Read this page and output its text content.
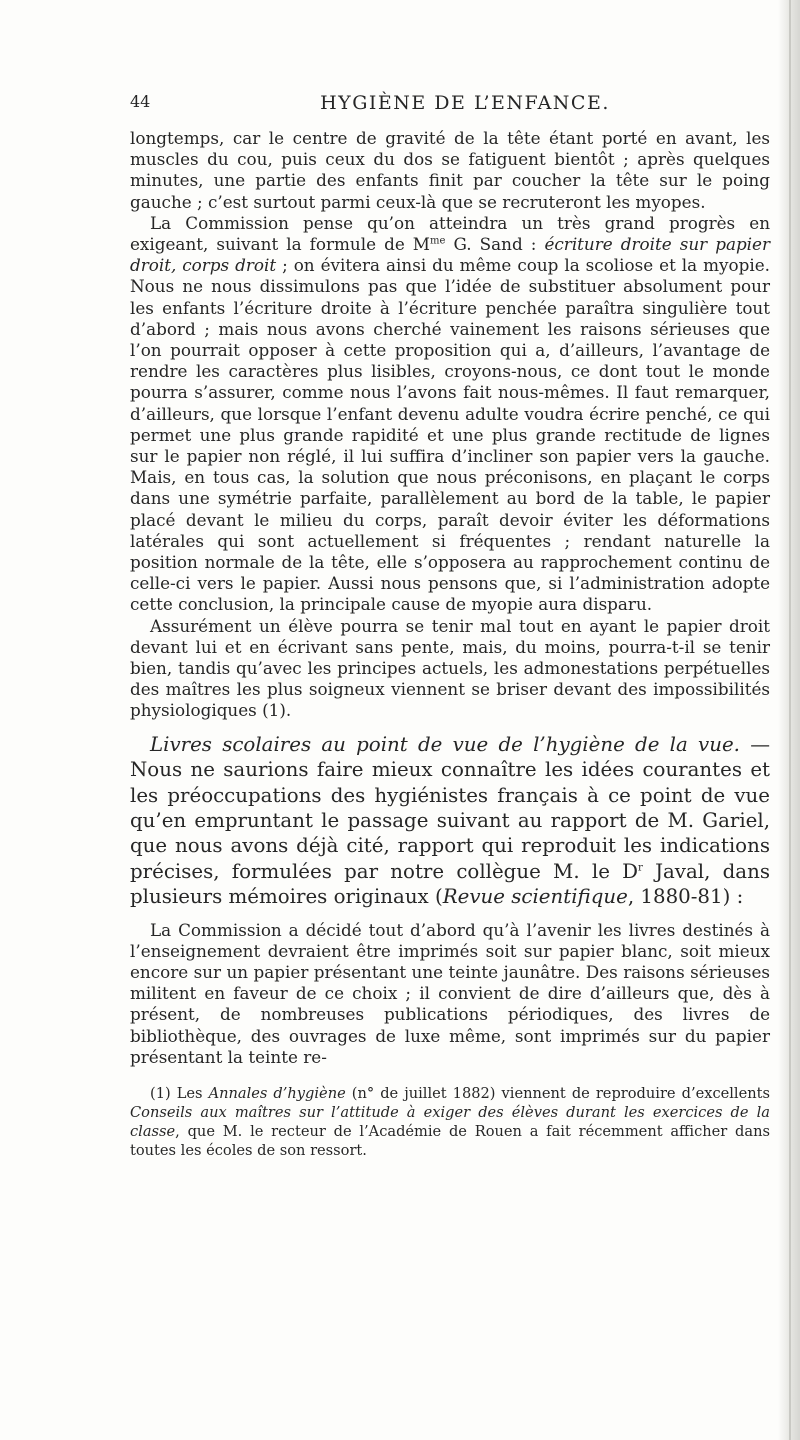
44	HYGIÈNE DE L’ENFANCE.

longtemps, car le centre de gravité de la tête étant porté en avant, les muscles du cou, puis ceux du dos se fatiguent bientôt ; après quelques minutes, une partie des enfants finit par coucher la tête sur le poing gauche ; c’est surtout parmi ceux-là que se recruteront les myopes.

La Commission pense qu’on atteindra un très grand progrès en exigeant, suivant la formule de $M^{me}$ G. Sand : écriture droite sur papier droit, corps droit ; on évitera ainsi du même coup la scoliose et la myopie. Nous ne nous dissimulons pas que l’idée de substituer absolument pour les enfants l’écriture droite à l’écriture penchée paraîtra singulière tout d’abord ; mais nous avons cherché vainement les raisons sérieuses que l’on pourrait opposer à cette proposition qui a, d’ailleurs, l’avantage de rendre les caractères plus lisibles, croyons-nous, ce dont tout le monde pourra s’assurer, comme nous l’avons fait nous-mêmes. Il faut remarquer, d’ailleurs, que lorsque l’enfant devenu adulte voudra écrire penché, ce qui permet une plus grande rapidité et une plus grande rectitude de lignes sur le papier non réglé, il lui suffira d’incliner son papier vers la gauche. Mais, en tous cas, la solution que nous préconisons, en plaçant le corps dans une symétrie parfaite, parallèlement au bord de la table, le papier placé devant le milieu du corps, paraît devoir éviter les déformations latérales qui sont actuellement si fréquentes ; rendant naturelle la position normale de la tête, elle s’opposera au rapprochement continu de celle-ci vers le papier. Aussi nous pensons que, si l’administration adopte cette conclusion, la principale cause de myopie aura disparu.

Assurément un élève pourra se tenir mal tout en ayant le papier droit devant lui et en écrivant sans pente, mais, du moins, pourra-t-il se tenir bien, tandis qu’avec les principes actuels, les admonestations perpétuelles des maîtres les plus soigneux viennent se briser devant des impossibilités physiologiques (1).

Livres scolaires au point de vue de l’hygiène de la vue. — Nous ne saurions faire mieux connaître les idées courantes et les préoccupations des hygiénistes français à ce point de vue qu’en empruntant le passage suivant au rapport de M. Gariel, que nous avons déjà cité, rapport qui reproduit les indications précises, formulées par notre collègue M. le $D^r$ Javal, dans plusieurs mémoires originaux (Revue scientifique, 1880-81) :

La Commission a décidé tout d’abord qu’à l’avenir les livres destinés à l’enseignement devraient être imprimés soit sur papier blanc, soit mieux encore sur un papier présentant une teinte jaunâtre. Des raisons sérieuses militent en faveur de ce choix ; il convient de dire d’ailleurs que, dès à présent, de nombreuses publications périodiques, des livres de bibliothèque, des ouvrages de luxe même, sont imprimés sur du papier présentant la teinte re-

(1) Les Annales d’hygiène (n° de juillet 1882) viennent de reproduire d’excellents Conseils aux maîtres sur l’attitude à exiger des élèves durant les exercices de la classe, que M. le recteur de l’Académie de Rouen a fait récemment afficher dans toutes les écoles de son ressort.
